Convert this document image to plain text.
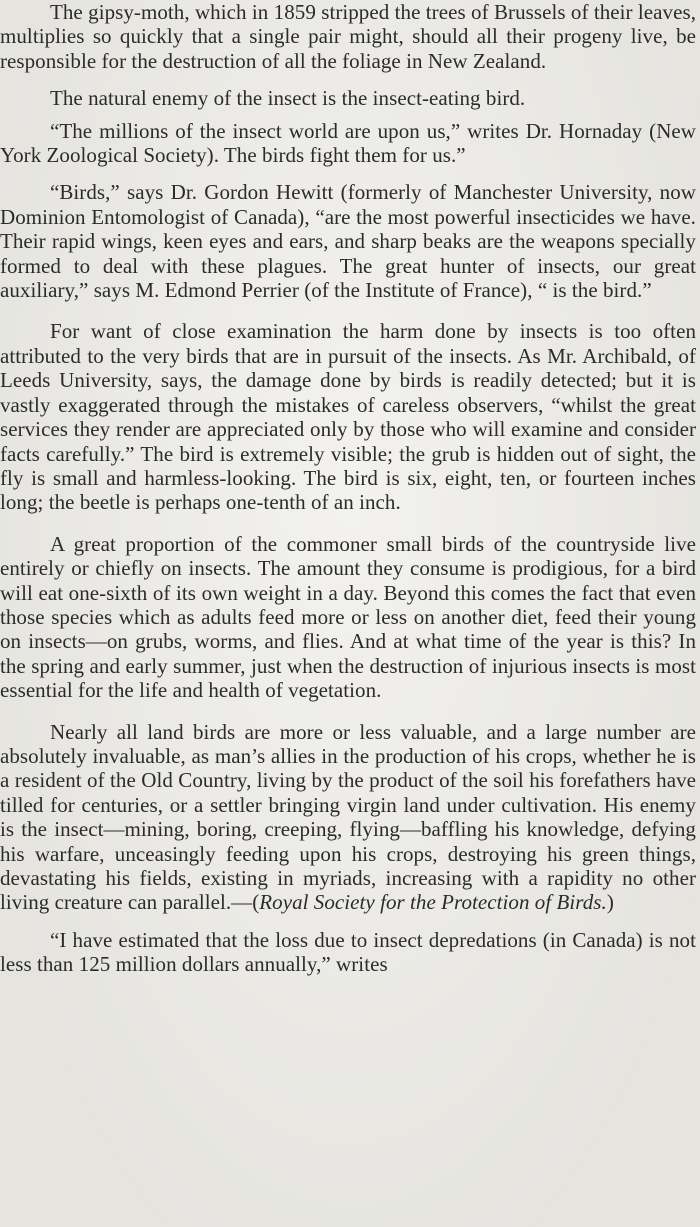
The gipsy-moth, which in 1859 stripped the trees of Brussels of their leaves, multiplies so quickly that a single pair might, should all their progeny live, be responsible for the destruction of all the foliage in New Zealand.

The natural enemy of the insect is the insect-eating bird.

“The millions of the insect world are upon us,” writes Dr. Hornaday (New York Zoological Society). The birds fight them for us.”

“Birds,” says Dr. Gordon Hewitt (formerly of Manchester University, now Dominion Entomologist of Canada), “are the most powerful insecticides we have. Their rapid wings, keen eyes and ears, and sharp beaks are the weapons specially formed to deal with these plagues. The great hunter of insects, our great auxiliary,” says M. Edmond Perrier (of the Institute of France), “ is the bird.”

For want of close examination the harm done by insects is too often attributed to the very birds that are in pursuit of the insects. As Mr. Archibald, of Leeds University, says, the damage done by birds is readily detected; but it is vastly exaggerated through the mistakes of careless observers, “whilst the great services they render are appreciated only by those who will examine and consider facts carefully.” The bird is extremely visible; the grub is hidden out of sight, the fly is small and harmless-looking. The bird is six, eight, ten, or fourteen inches long; the beetle is perhaps one-tenth of an inch.

A great proportion of the commoner small birds of the countryside live entirely or chiefly on insects. The amount they consume is prodigious, for a bird will eat one-sixth of its own weight in a day. Beyond this comes the fact that even those species which as adults feed more or less on another diet, feed their young on insects—on grubs, worms, and flies. And at what time of the year is this? In the spring and early summer, just when the destruction of injurious insects is most essential for the life and health of vegetation.

Nearly all land birds are more or less valuable, and a large number are absolutely invaluable, as man’s allies in the production of his crops, whether he is a resident of the Old Country, living by the product of the soil his forefathers have tilled for centuries, or a settler bringing virgin land under cultivation. His enemy is the insect—mining, boring, creeping, flying—baffling his knowledge, defying his warfare, unceasingly feeding upon his crops, destroying his green things, devastating his fields, existing in myriads, increasing with a rapidity no other living creature can parallel.—(Royal Society for the Protection of Birds.)

“I have estimated that the loss due to insect depredations (in Canada) is not less than 125 million dollars annually,” writes
